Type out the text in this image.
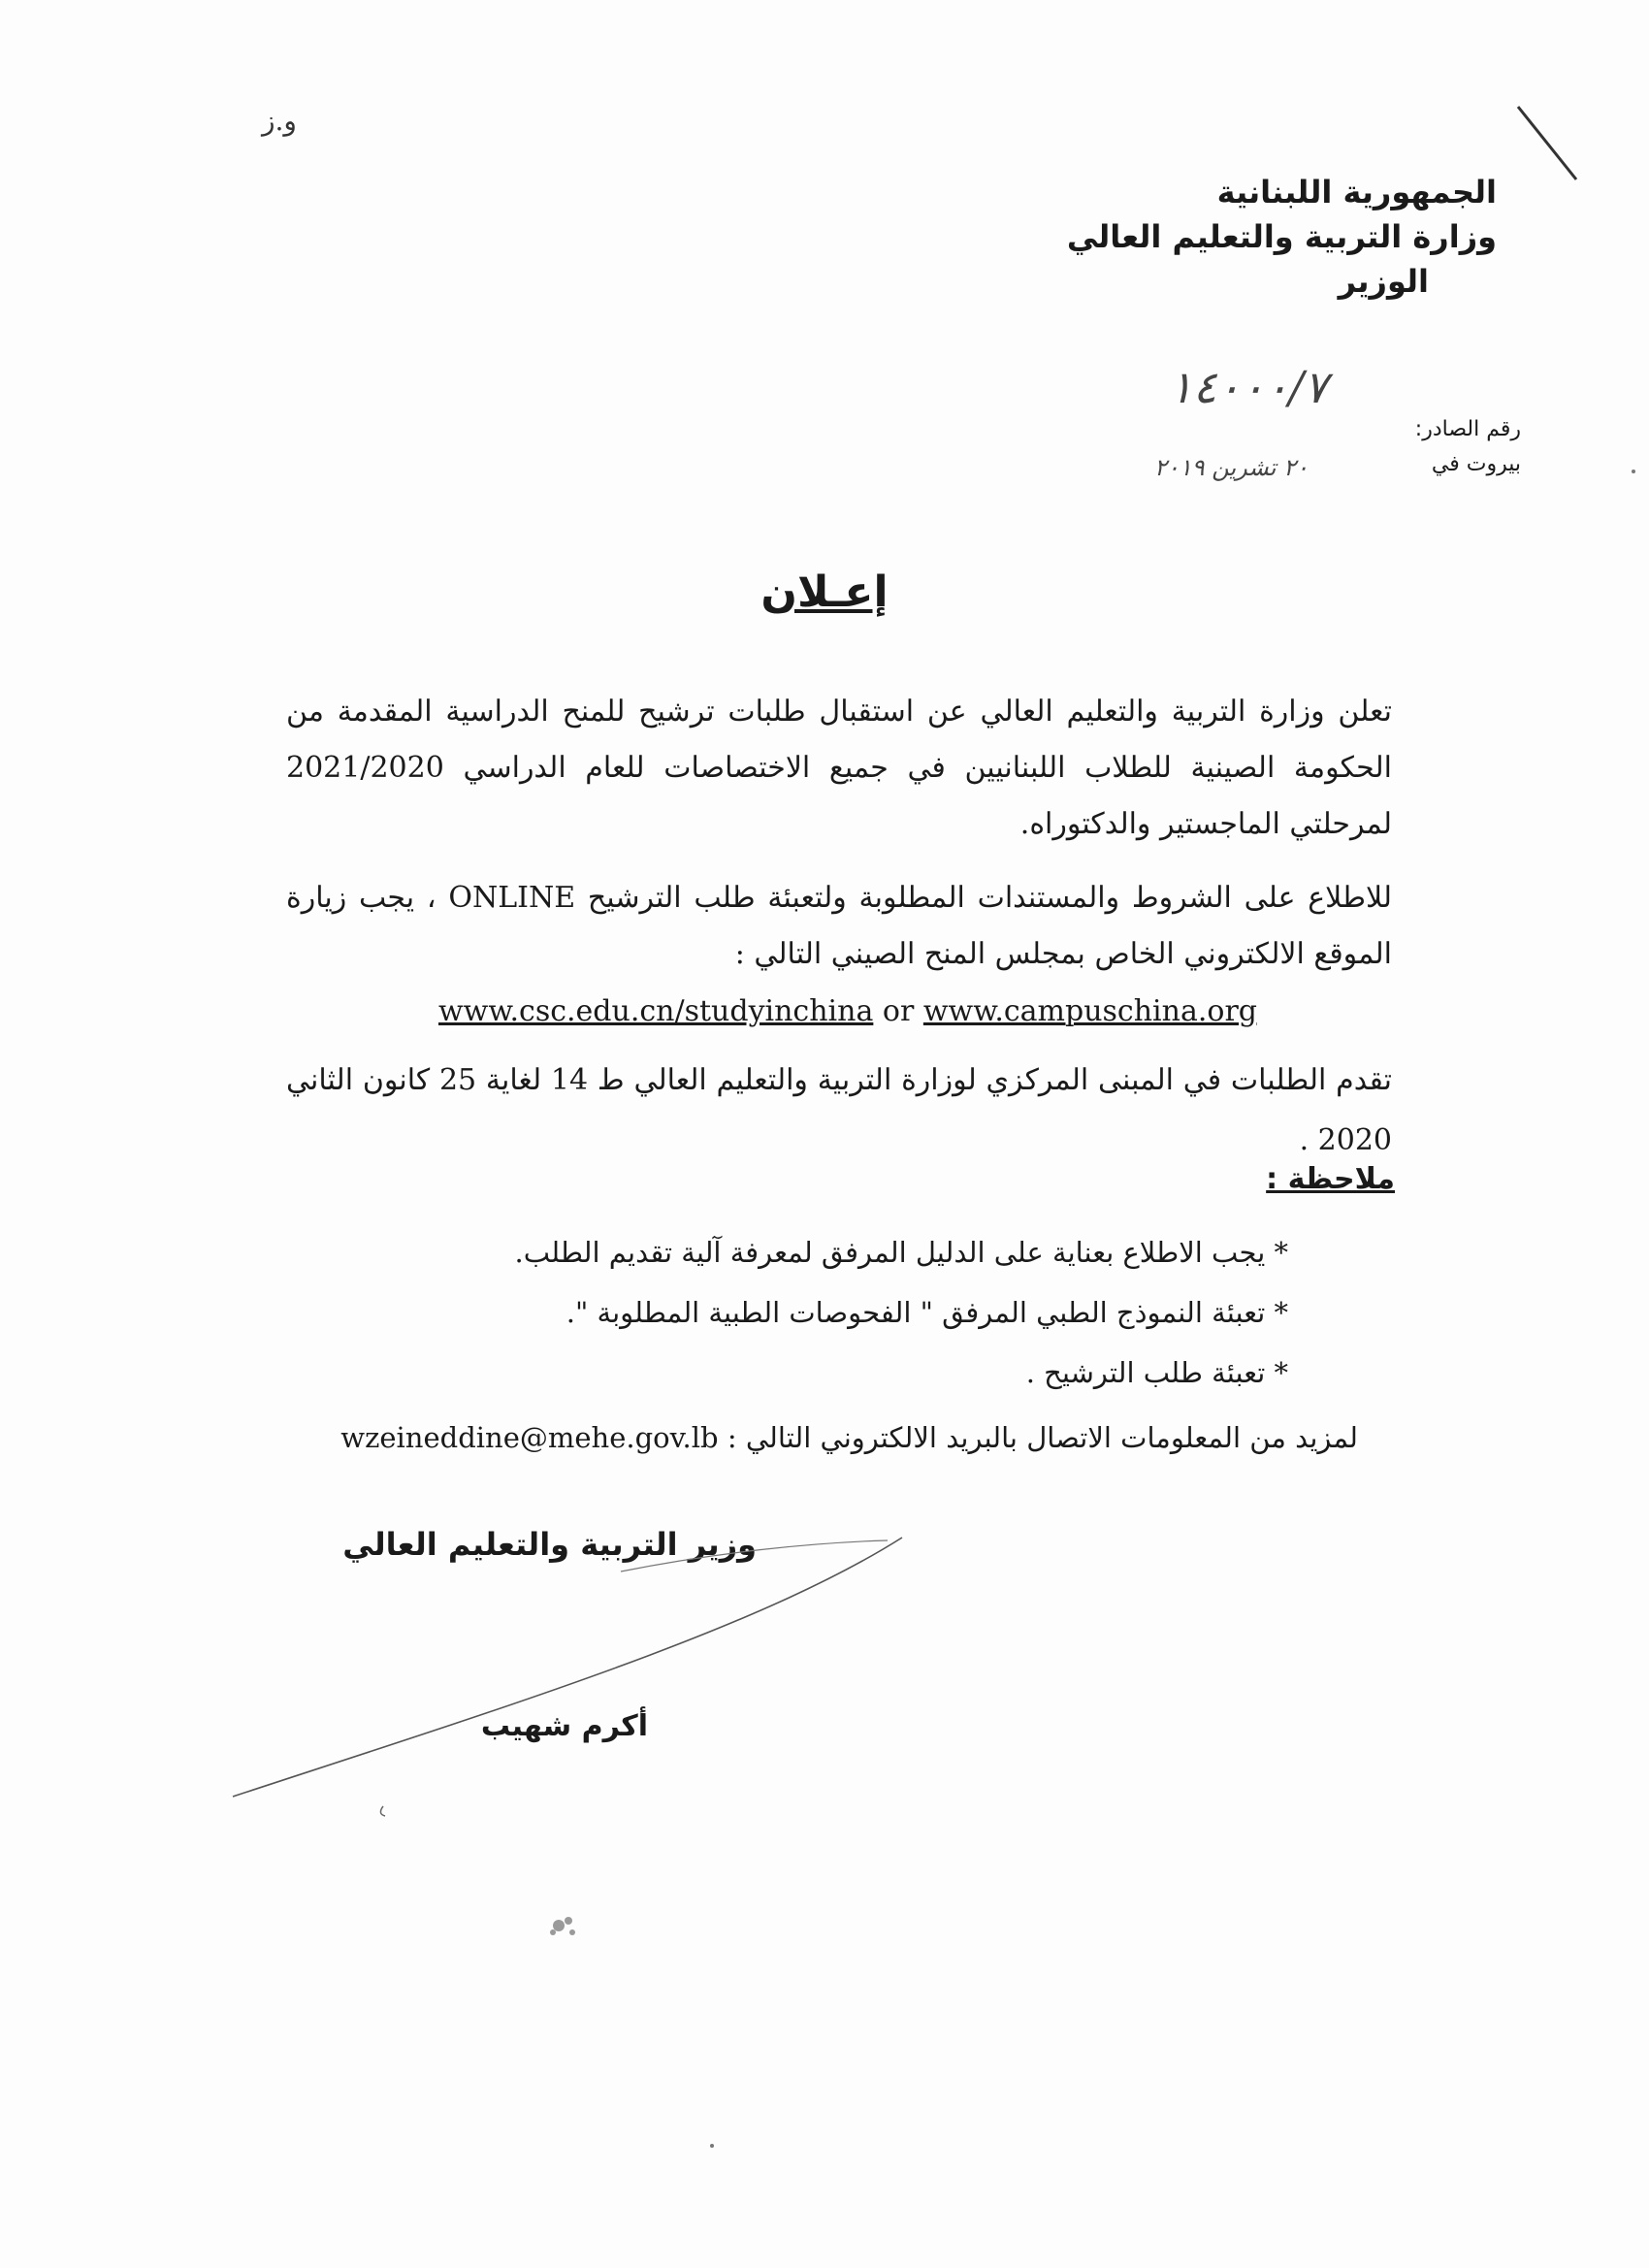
و.ز
الجمهورية اللبنانية
وزارة التربية والتعليم العالي
الوزير
١٤٠٠٠/٧
٢٠ تشرين ٢٠١٩
رقم الصادر:
بيروت في
إعـلان
تعلن وزارة التربية والتعليم العالي عن استقبال طلبات ترشيح للمنح الدراسية المقدمة من الحكومة الصينية للطلاب اللبنانيين في جميع الاختصاصات للعام الدراسي 2021/2020 لمرحلتي الماجستير والدكتوراه.
للاطلاع على الشروط والمستندات المطلوبة ولتعبئة طلب الترشيح ONLINE ، يجب زيارة الموقع الالكتروني الخاص بمجلس المنح الصيني التالي :
www.csc.edu.cn/studyinchina or www.campuschina.org
تقدم الطلبات في المبنى المركزي لوزارة التربية والتعليم العالي ط 14 لغاية 25 كانون الثاني 2020 .
ملاحظة :
* يجب الاطلاع بعناية على الدليل المرفق لمعرفة آلية تقديم الطلب.
* تعبئة النموذج الطبي المرفق " الفحوصات الطبية المطلوبة ".
* تعبئة طلب الترشيح .
لمزيد من المعلومات الاتصال بالبريد الالكتروني التالي : wzeineddine@mehe.gov.lb
وزير التربية والتعليم العالي
أكرم شهيب
